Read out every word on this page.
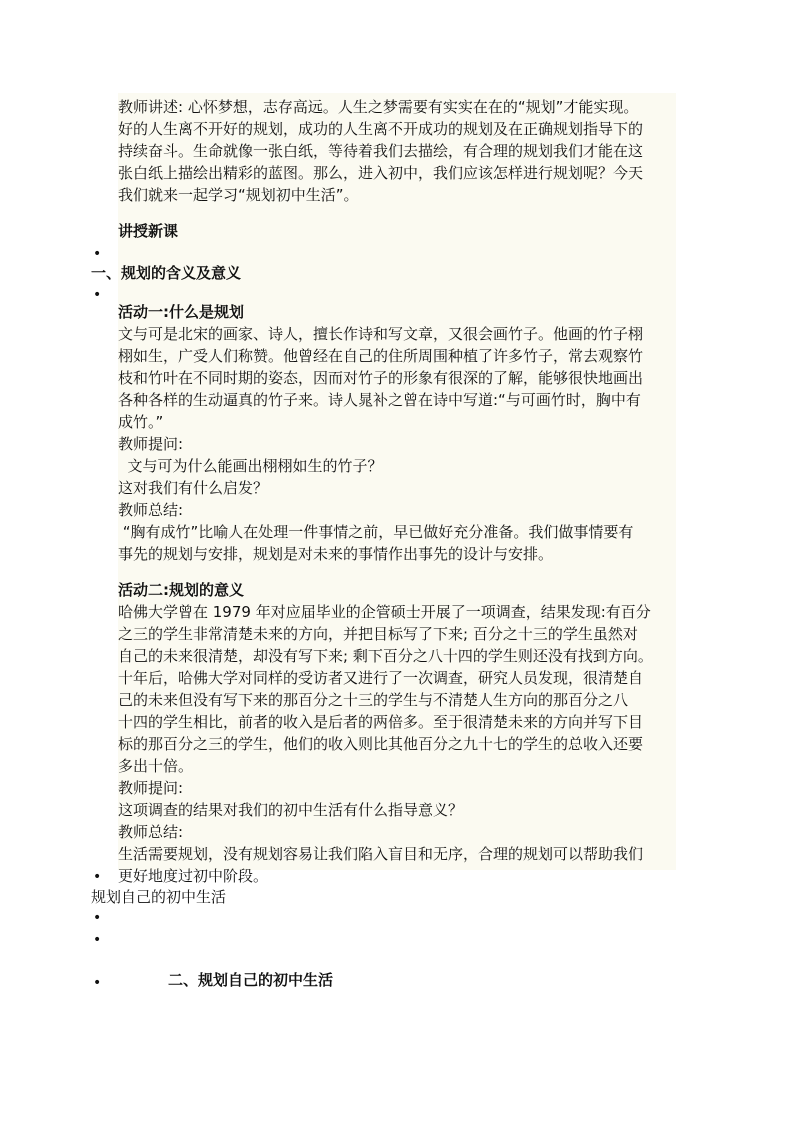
教师讲述: 心怀梦想，志存高远。人生之梦需要有实实在在的“规划”才能实现。
好的人生离不开好的规划，成功的人生离不开成功的规划及在正确规划指导下的
持续奋斗。生命就像一张白纸，等待着我们去描绘，有合理的规划我们才能在这
张白纸上描绘出精彩的蓝图。那么，进入初中，我们应该怎样进行规划呢？今天
我们就来一起学习“规划初中生活”。
讲授新课
活动一:什么是规划
文与可是北宋的画家、诗人，擅长作诗和写文章，又很会画竹子。他画的竹子栩
栩如生，广受人们称赞。他曾经在自己的住所周围种植了许多竹子，常去观察竹
枝和竹叶在不同时期的姿态，因而对竹子的形象有很深的了解，能够很快地画出
各种各样的生动逼真的竹子来。诗人晁补之曾在诗中写道:“与可画竹时，胸中有
成竹。”
教师提问:
文与可为什么能画出栩栩如生的竹子？
这对我们有什么启发？
教师总结:
“胸有成竹”比喻人在处理一件事情之前，早已做好充分准备。我们做事情要有
事先的规划与安排，规划是对未来的事情作出事先的设计与安排。
活动二:规划的意义
哈佛大学曾在 1979 年对应届毕业的企管硕士开展了一项调查，结果发现:有百分
之三的学生非常清楚未来的方向，并把目标写了下来; 百分之十三的学生虽然对
自己的未来很清楚，却没有写下来; 剩下百分之八十四的学生则还没有找到方向。
十年后，哈佛大学对同样的受访者又进行了一次调查，研究人员发现，很清楚自
己的未来但没有写下来的那百分之十三的学生与不清楚人生方向的那百分之八
十四的学生相比，前者的收入是后者的两倍多。至于很清楚未来的方向并写下目
标的那百分之三的学生，他们的收入则比其他百分之九十七的学生的总收入还要
多出十倍。
教师提问:
这项调查的结果对我们的初中生活有什么指导意义？
教师总结:
生活需要规划，没有规划容易让我们陷入盲目和无序，合理的规划可以帮助我们
更好地度过初中阶段。
•
一、规划的含义及意义
•
•
规划自己的初中生活
•
•
•
二、规划自己的初中生活
